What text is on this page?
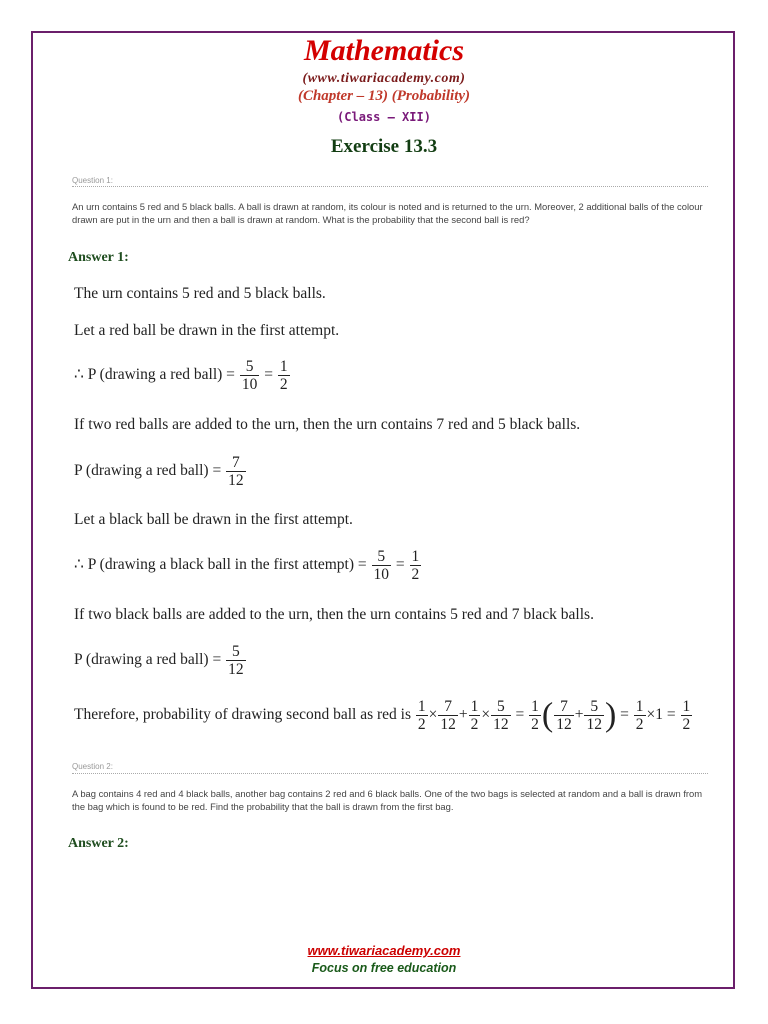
Mathematics
(www.tiwariacademy.com)
(Chapter – 13) (Probability)
(Class – XII)
Exercise 13.3
Question 1:
An urn contains 5 red and 5 black balls. A ball is drawn at random, its colour is noted and is returned to the urn. Moreover, 2 additional balls of the colour drawn are put in the urn and then a ball is drawn at random. What is the probability that the second ball is red?
Answer 1:
The urn contains 5 red and 5 black balls.
Let a red ball be drawn in the first attempt.
∴ P (drawing a red ball) = $\frac{5}{10} = \frac{1}{2}$
If two red balls are added to the urn, then the urn contains 7 red and 5 black balls.
P (drawing a red ball) = $\frac{7}{12}$
Let a black ball be drawn in the first attempt.
∴ P (drawing a black ball in the first attempt) = $\frac{5}{10} = \frac{1}{2}$
If two black balls are added to the urn, then the urn contains 5 red and 7 black balls.
P (drawing a red ball) = $\frac{5}{12}$
Therefore, probability of drawing second ball as red is $\frac{1}{2} \times \frac{7}{12} + \frac{1}{2} \times \frac{5}{12} = \frac{1}{2}$ ( $\frac{7}{12} + \frac{5}{12}$ ) = $\frac{1}{2} \times 1 = \frac{1}{2}$
Question 2:
A bag contains 4 red and 4 black balls, another bag contains 2 red and 6 black balls. One of the two bags is selected at random and a ball is drawn from the bag which is found to be red. Find the probability that the ball is drawn from the first bag.
Answer 2:
www.tiwariacademy.com
Focus on free education
